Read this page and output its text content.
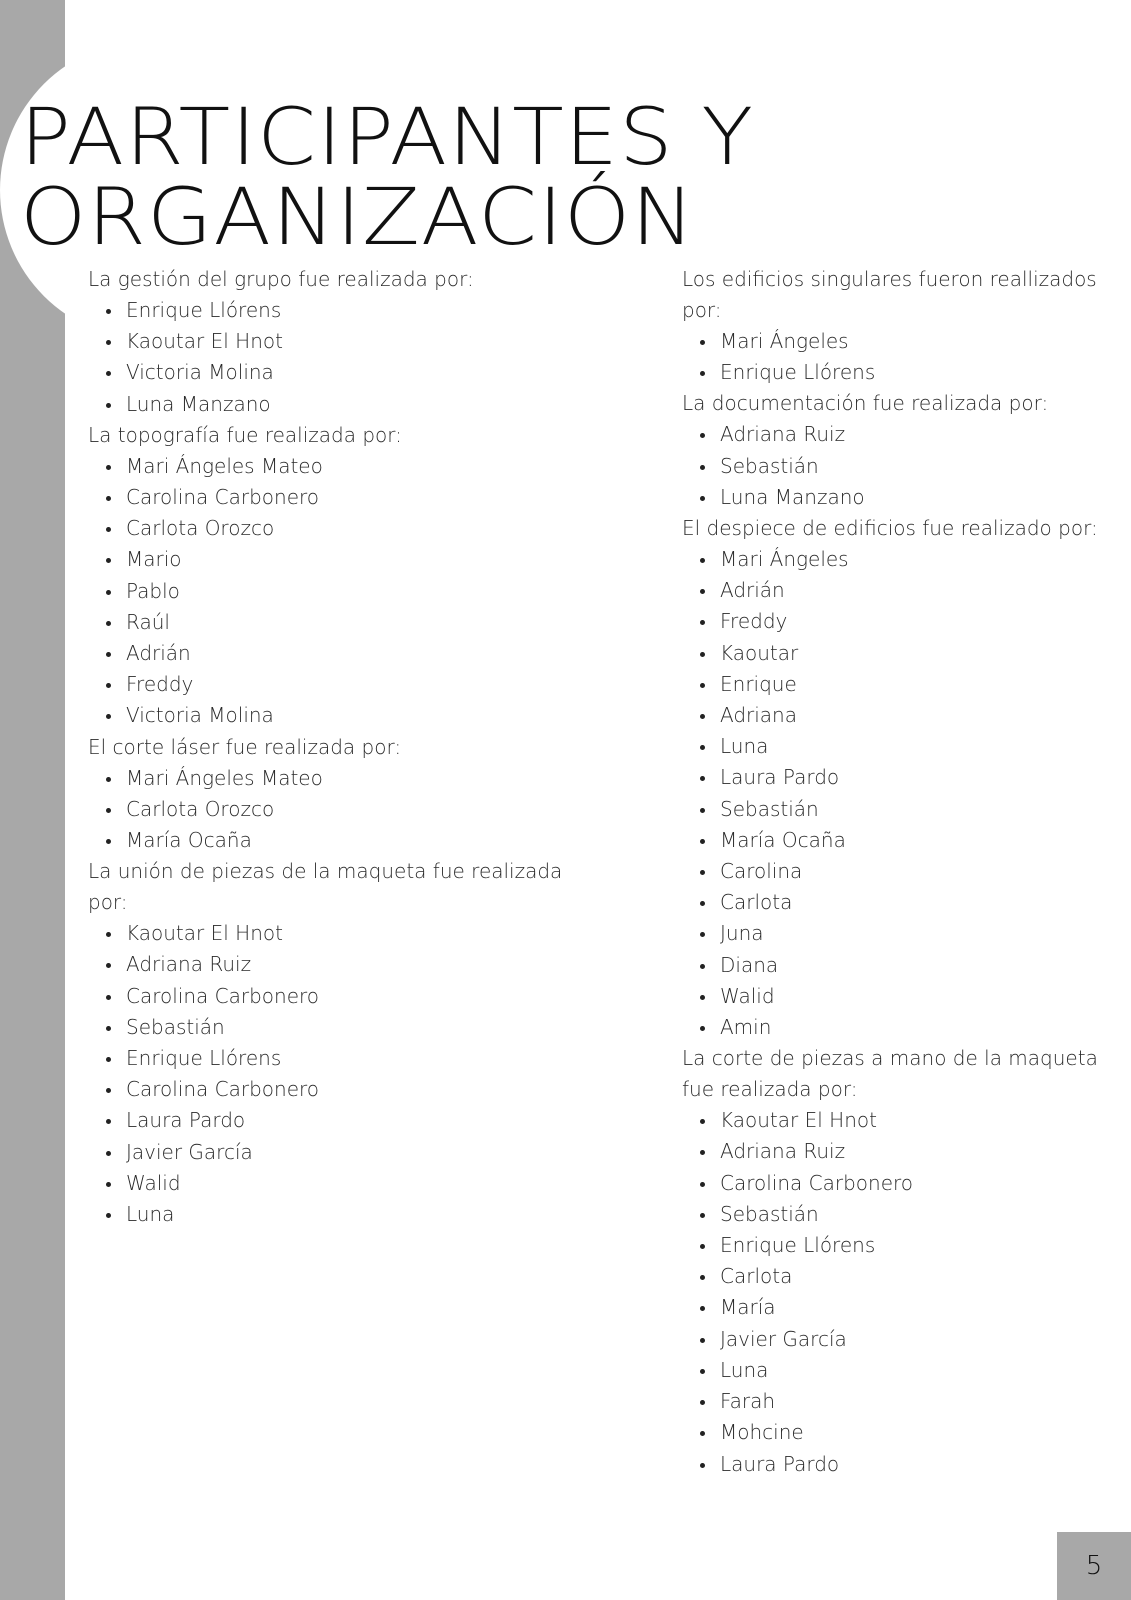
PARTICIPANTES Y
ORGANIZACIÓN

La gestión del grupo fue realizada por:

Enrique Llórens
Kaoutar El Hnot
Victoria Molina
Luna Manzano

La topografía fue realizada por:

Mari Ángeles Mateo
Carolina Carbonero
Carlota Orozco
Mario
Pablo
Raúl
Adrián
Freddy
Victoria Molina

El corte láser fue realizada por:

Mari Ángeles Mateo
Carlota Orozco
María Ocaña

La unión de piezas de la maqueta fue realizada por:

Kaoutar El Hnot
Adriana Ruiz
Carolina Carbonero
Sebastián
Enrique Llórens
Carolina Carbonero
Laura Pardo
Javier García
Walid
Luna

Los edificios singulares fueron reallizados por:

Mari Ángeles
Enrique Llórens

La documentación fue realizada por:

Adriana Ruiz
Sebastián
Luna Manzano

El despiece de edificios fue realizado por:

Mari Ángeles
Adrián
Freddy
Kaoutar
Enrique
Adriana
Luna
Laura Pardo
Sebastián
María Ocaña
Carolina
Carlota
Juna
Diana
Walid
Amin

La corte de piezas a mano de la maqueta fue realizada por:

Kaoutar El Hnot
Adriana Ruiz
Carolina Carbonero
Sebastián
Enrique Llórens
Carlota
María
Javier García
Luna
Farah
Mohcine
Laura Pardo
5
